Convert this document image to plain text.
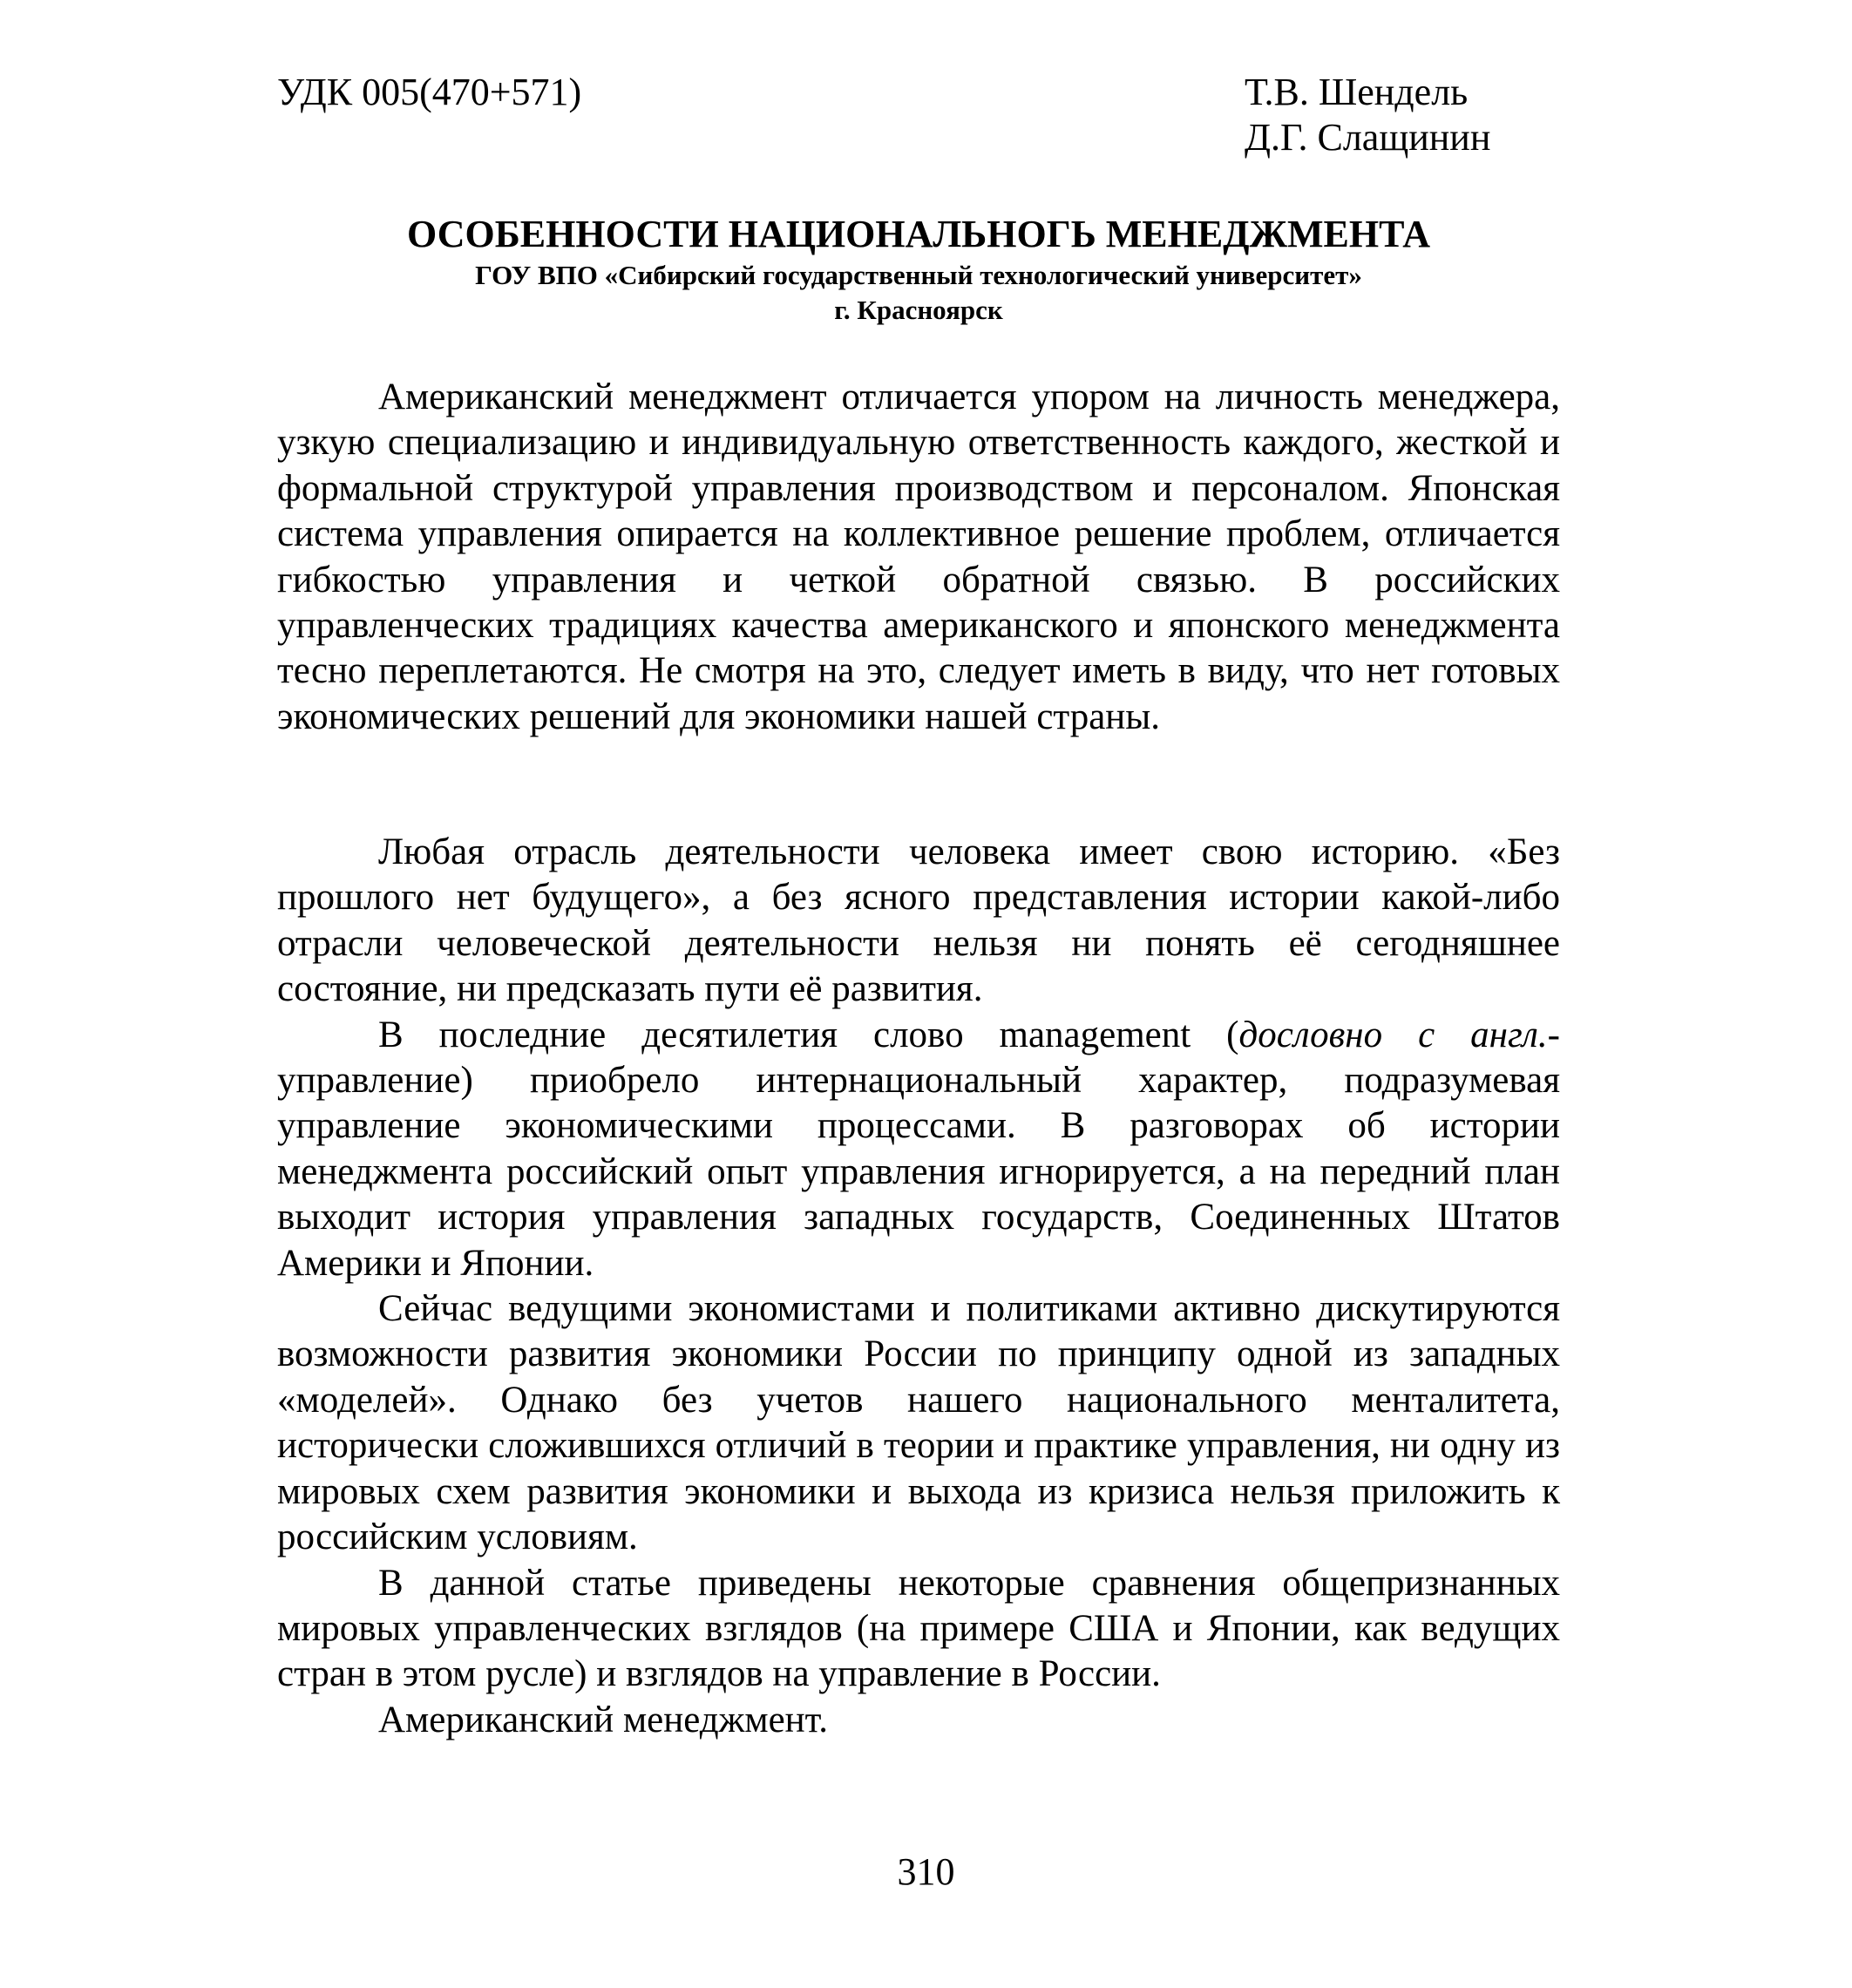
УДК 005(470+571)	Т.В. Шендель
Д.Г. Слащинин
ОСОБЕННОСТИ НАЦИОНАЛЬНОГЬ МЕНЕДЖМЕНТА
ГОУ ВПО «Сибирский государственный технологический университет»
г. Красноярск

Американский менеджмент отличается упором на личность менеджера, узкую специализацию и индивидуальную ответственность каждого, жесткой и формальной структурой управления производством и персоналом. Японская система управления опирается на коллективное решение проблем, отличается гибкостью управления и четкой обратной связью. В российских управленческих традициях качества американского и японского менеджмента тесно переплетаются. Не смотря на это, следует иметь в виду, что нет готовых экономических решений для экономики нашей страны.

Любая отрасль деятельности человека имеет свою историю. «Без прошлого нет будущего», а без ясного представления истории какой-либо отрасли человеческой деятельности нельзя ни понять её сегодняшнее состояние, ни предсказать пути её развития.

В последние десятилетия слово management (дословно с англ.- управление) приобрело интернациональный характер, подразумевая управление экономическими процессами. В разговорах об истории менеджмента российский опыт управления игнорируется, а на передний план выходит история управления западных государств, Соединенных Штатов Америки и Японии.

Сейчас ведущими экономистами и политиками активно дискутируются возможности развития экономики России по принципу одной из западных «моделей». Однако без учетов нашего национального менталитета, исторически сложившихся отличий в теории и практике управления, ни одну из мировых схем развития экономики и выхода из кризиса нельзя приложить к российским условиям.

В данной статье приведены некоторые сравнения общепризнанных мировых управленческих взглядов (на примере США и Японии, как ведущих стран в этом русле) и взглядов на управление в России.

Американский менеджмент.

310
